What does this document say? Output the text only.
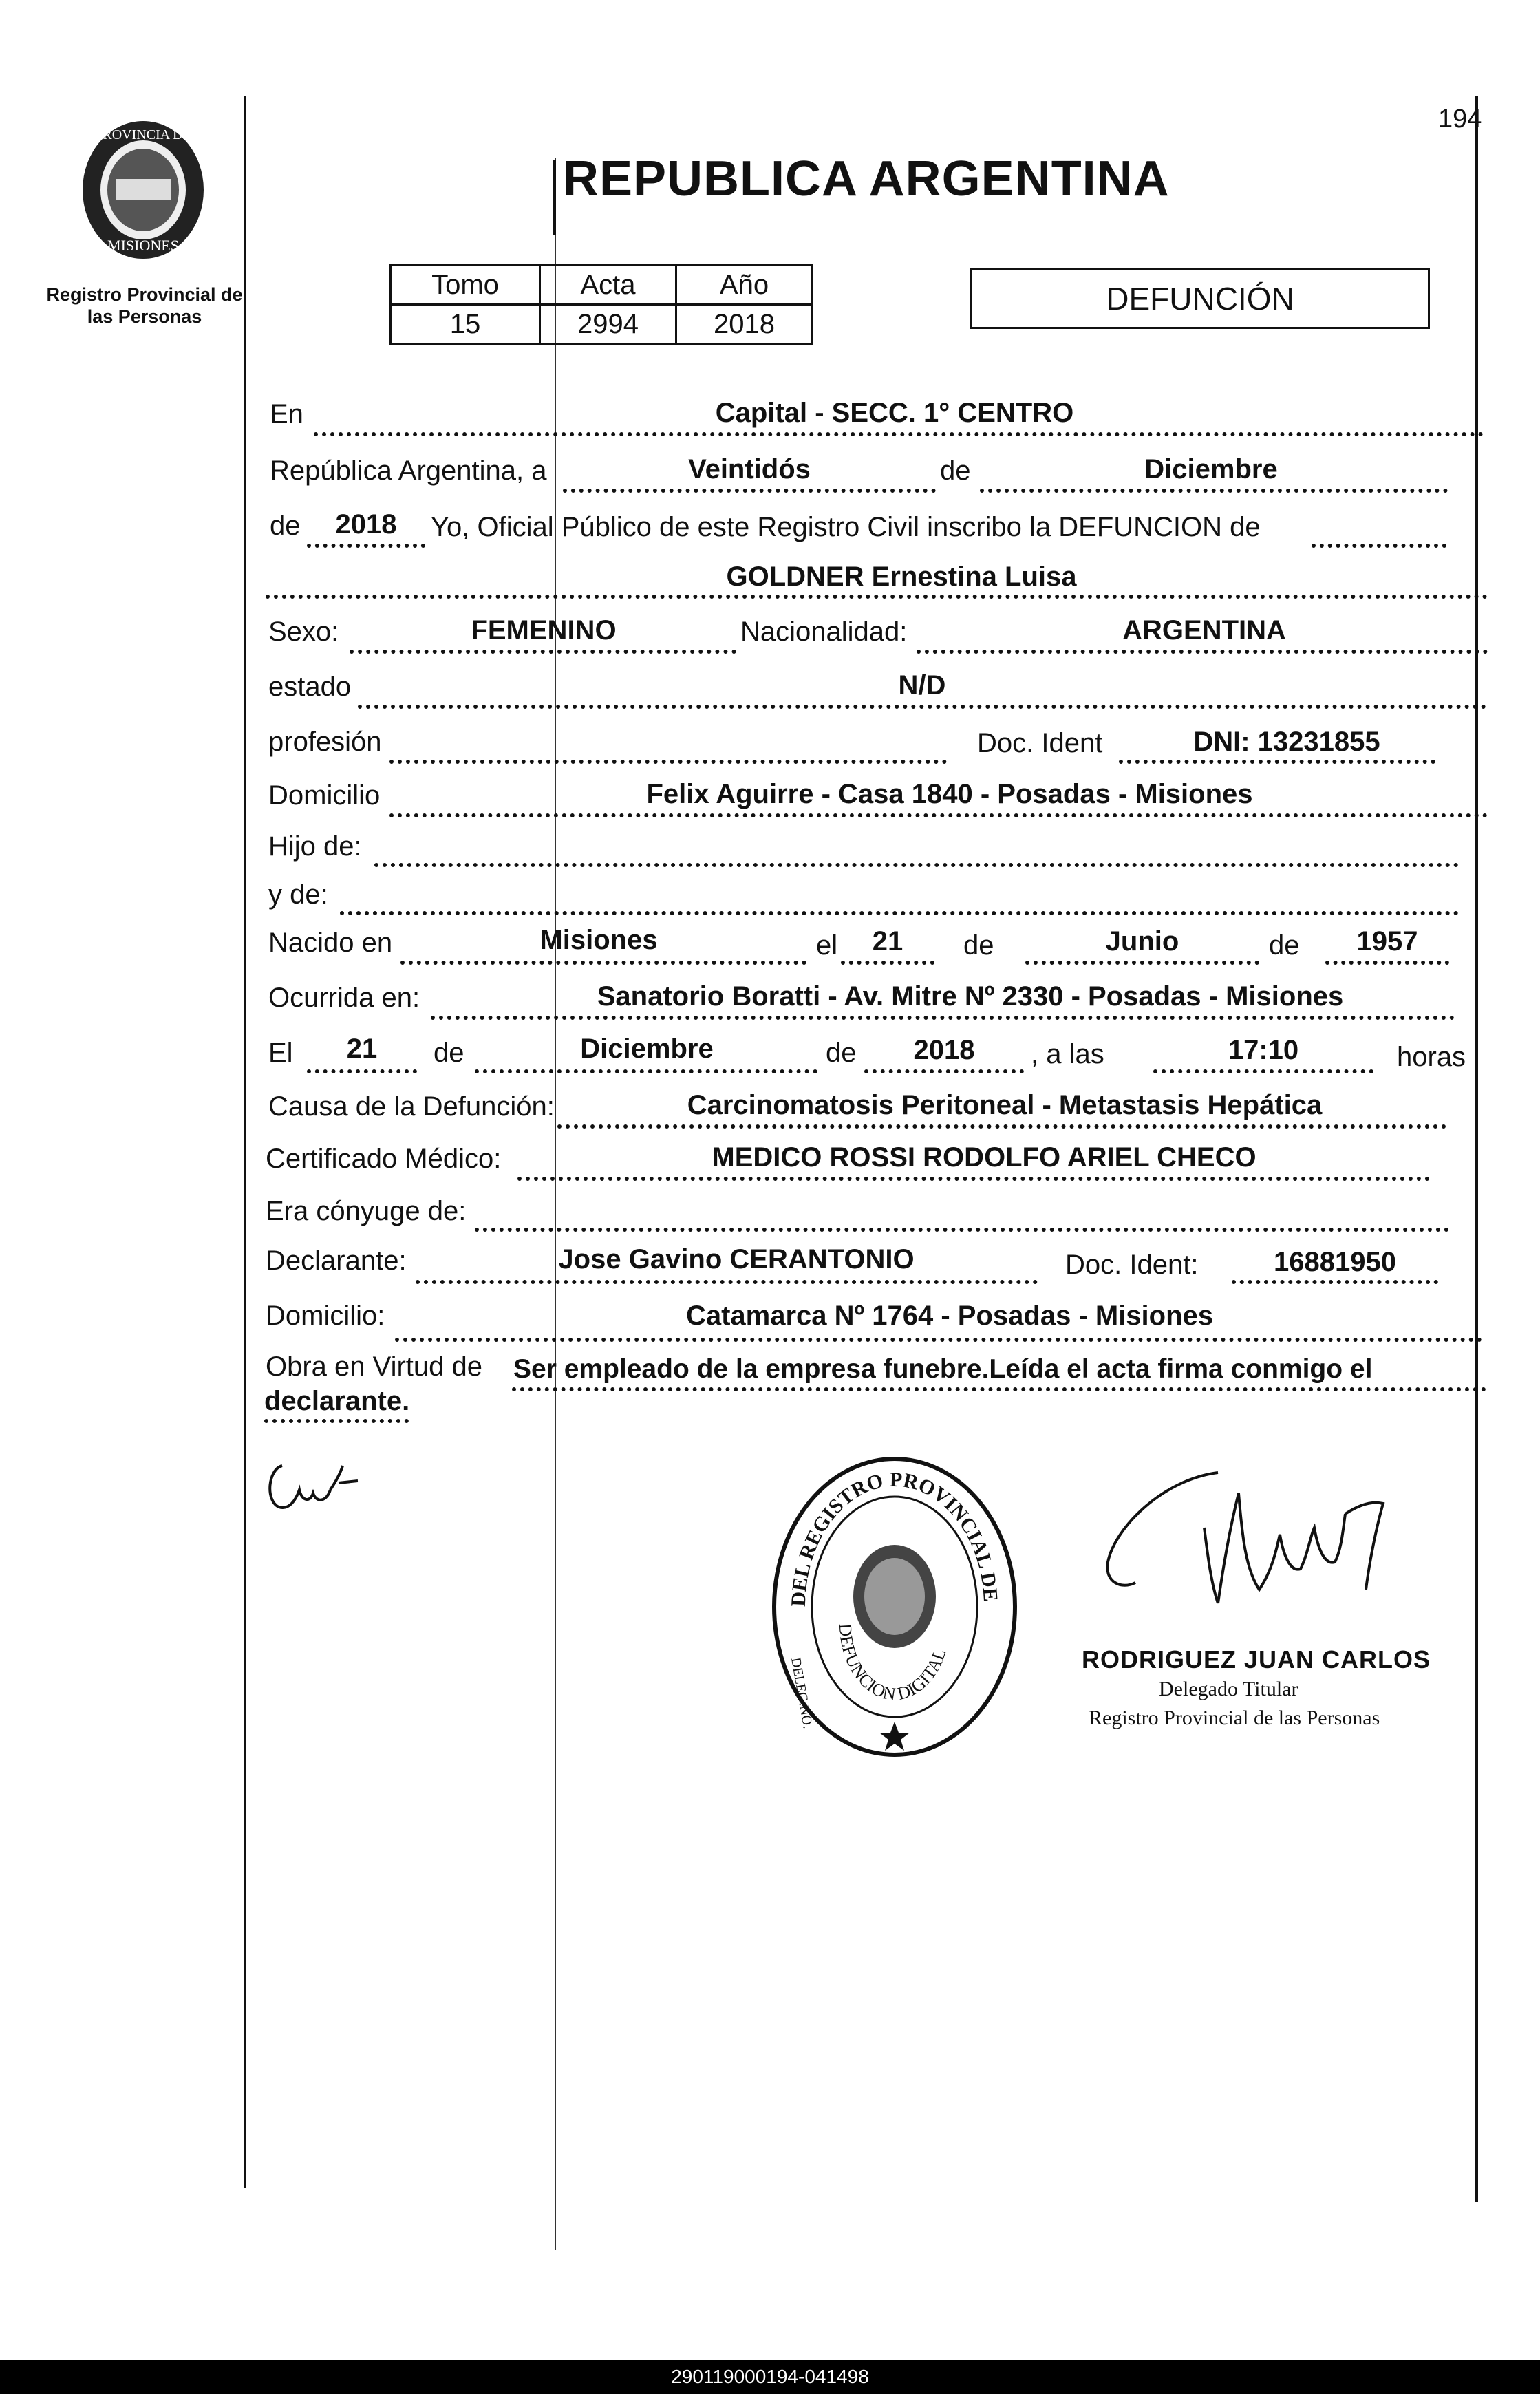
194
PROVINCIA DE
MISIONES
Registro Provincial de
las Personas
REPUBLICA ARGENTINA
Tomo	Acta	Año
15	2994	2018
DEFUNCIÓN
En	Capital - SECC. 1° CENTRO
República Argentina, a	Veintidós	de	Diciembre
de	2018	Yo, Oficial Público de este Registro Civil inscribo la DEFUNCION de
GOLDNER Ernestina Luisa
Sexo:	FEMENINO	Nacionalidad:	ARGENTINA
estado	N/D
profesión	Doc. Ident	DNI: 13231855
Domicilio	Felix Aguirre - Casa 1840 - Posadas - Misiones
Hijo de:
y de:
Nacido en	Misiones	el	21	de	Junio	de	1957
Ocurrida en:	Sanatorio Boratti - Av. Mitre Nº 2330 - Posadas - Misiones
El	21	de	Diciembre	de	2018	, a las	17:10	horas
Causa de la Defunción:	Carcinomatosis Peritoneal - Metastasis Hepática
Certificado Médico:	MEDICO ROSSI RODOLFO ARIEL CHECO
Era cónyuge de:
Declarante:	Jose Gavino CERANTONIO	Doc. Ident:	16881950
Domicilio:	Catamarca Nº 1764 - Posadas - Misiones
Obra en Virtud de Ser empleado de la empresa funebre.Leída el acta firma conmigo el
declarante.
DEL REGISTRO PROVINCIAL DE
DEFUNCION DIGITAL
DELEG.NO.	RODRIGUEZ JUAN CARLOS
Delegado Titular
Registro Provincial de las Personas
290119000194-041498
